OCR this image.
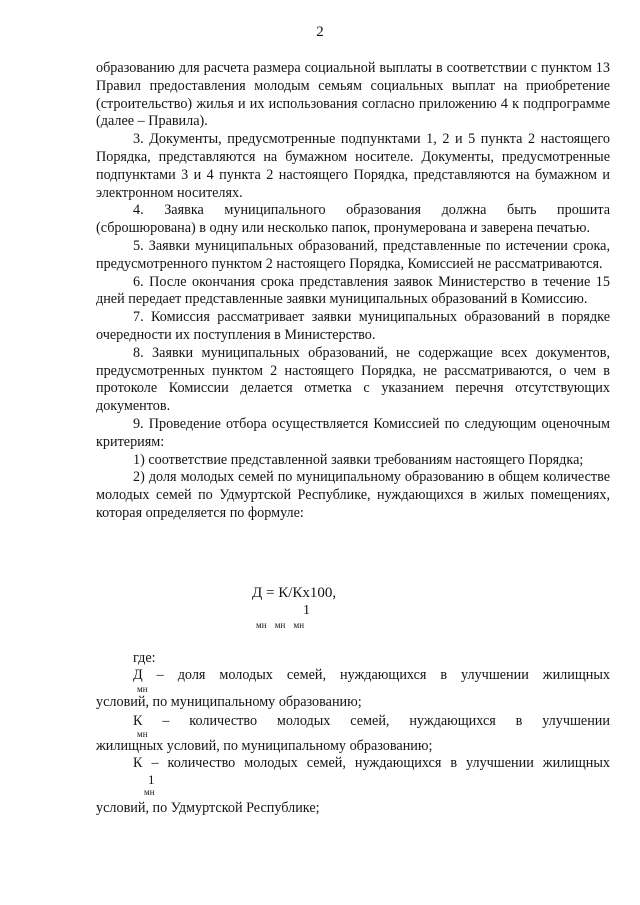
2

образованию для расчета размера социальной выплаты в соответствии с пунктом 13 Правил предоставления молодым семьям социальных выплат на приобретение (строительство) жилья и их использования согласно приложению 4 к подпрограмме (далее – Правила).

3. Документы, предусмотренные подпунктами 1, 2 и 5 пункта 2 настоящего Порядка, представляются на бумажном носителе. Документы, предусмотренные подпунктами 3 и 4 пункта 2 настоящего Порядка, представляются на бумажном и электронном носителях.

4. Заявка муниципального образования должна быть прошита (сброшюрована) в одну или несколько папок, пронумерована и заверена печатью.

5. Заявки муниципальных образований, представленные по истечении срока, предусмотренного пунктом 2 настоящего Порядка, Комиссией не рассматриваются.

6. После окончания срока представления заявок Министерство в течение 15 дней передает представленные заявки муниципальных образований в Комиссию.

7. Комиссия рассматривает заявки муниципальных образований в порядке очередности их поступления в Министерство.

8. Заявки муниципальных образований, не содержащие всех документов, предусмотренных пунктом 2 настоящего Порядка, не рассматриваются, о чем в протоколе Комиссии делается отметка с указанием перечня отсутствующих документов.

9. Проведение отбора осуществляется Комиссией по следующим оценочным критериям:

1) соответствие представленной заявки требованиям настоящего Порядка;

2) доля молодых семей по муниципальному образованию в общем количестве молодых семей по Удмуртской Республике, нуждающихся в жилых помещениях, которая определяется по формуле:

Д = К/Кх100,
1
мн мн мн
где:
Д – доля молодых семей, нуждающихся в улучшении жилищных
мн
условий, по муниципальному образованию;
К – количество молодых семей, нуждающихся в улучшении
мн
жилищных условий, по муниципальному образованию;
К – количество молодых семей, нуждающихся в улучшении жилищных
1
мн
условий, по Удмуртской Республике;
